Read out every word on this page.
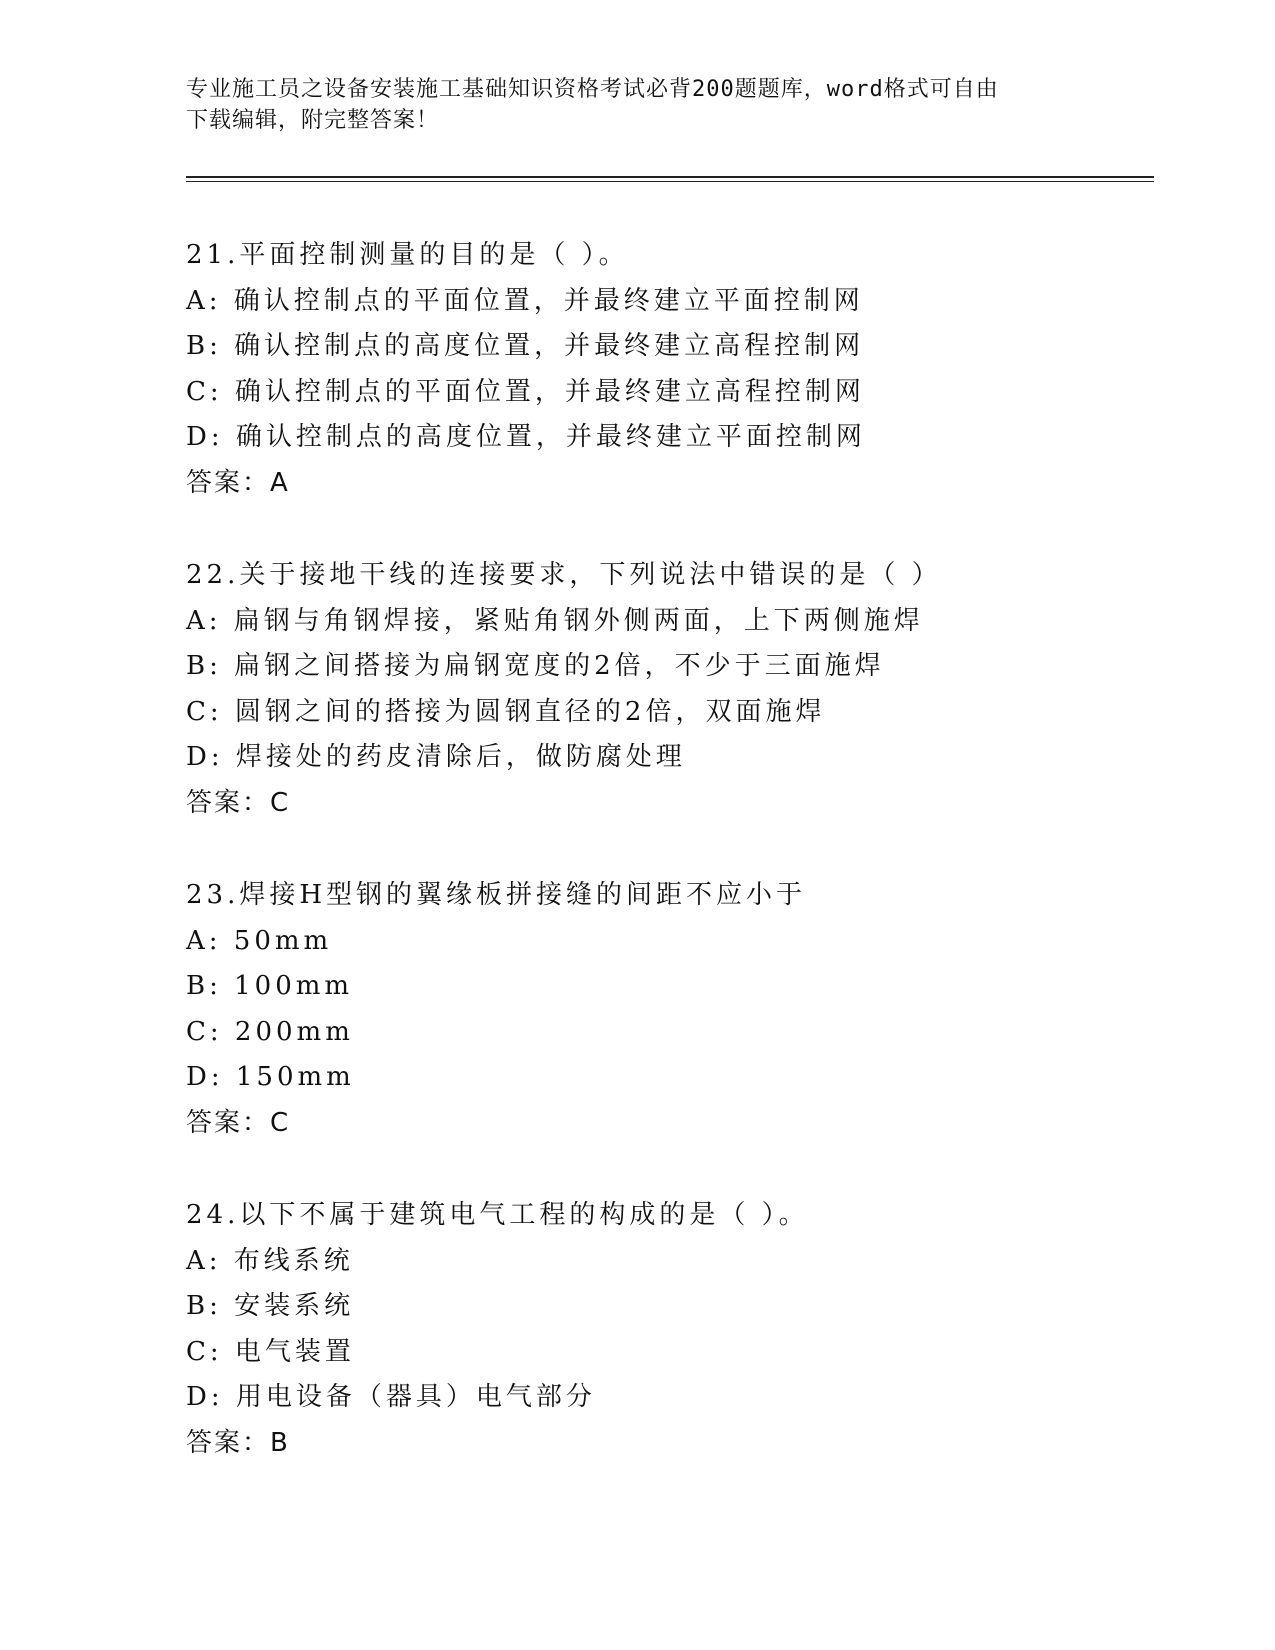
专业施工员之设备安装施工基础知识资格考试必背200题题库，word格式可自由
下载编辑，附完整答案！
21.平面控制测量的目的是（ ）。
A: 确认控制点的平面位置，并最终建立平面控制网
B: 确认控制点的高度位置，并最终建立高程控制网
C: 确认控制点的平面位置，并最终建立高程控制网
D: 确认控制点的高度位置，并最终建立平面控制网
答案：A
22.关于接地干线的连接要求，下列说法中错误的是（ ）
A: 扁钢与角钢焊接，紧贴角钢外侧两面，上下两侧施焊
B: 扁钢之间搭接为扁钢宽度的2倍，不少于三面施焊
C: 圆钢之间的搭接为圆钢直径的2倍，双面施焊
D: 焊接处的药皮清除后，做防腐处理
答案：C
23.焊接H型钢的翼缘板拼接缝的间距不应小于
A: 50mm
B: 100mm
C: 200mm
D: 150mm
答案：C
24.以下不属于建筑电气工程的构成的是（ ）。
A: 布线系统
B: 安装系统
C: 电气装置
D: 用电设备（器具）电气部分
答案：B
